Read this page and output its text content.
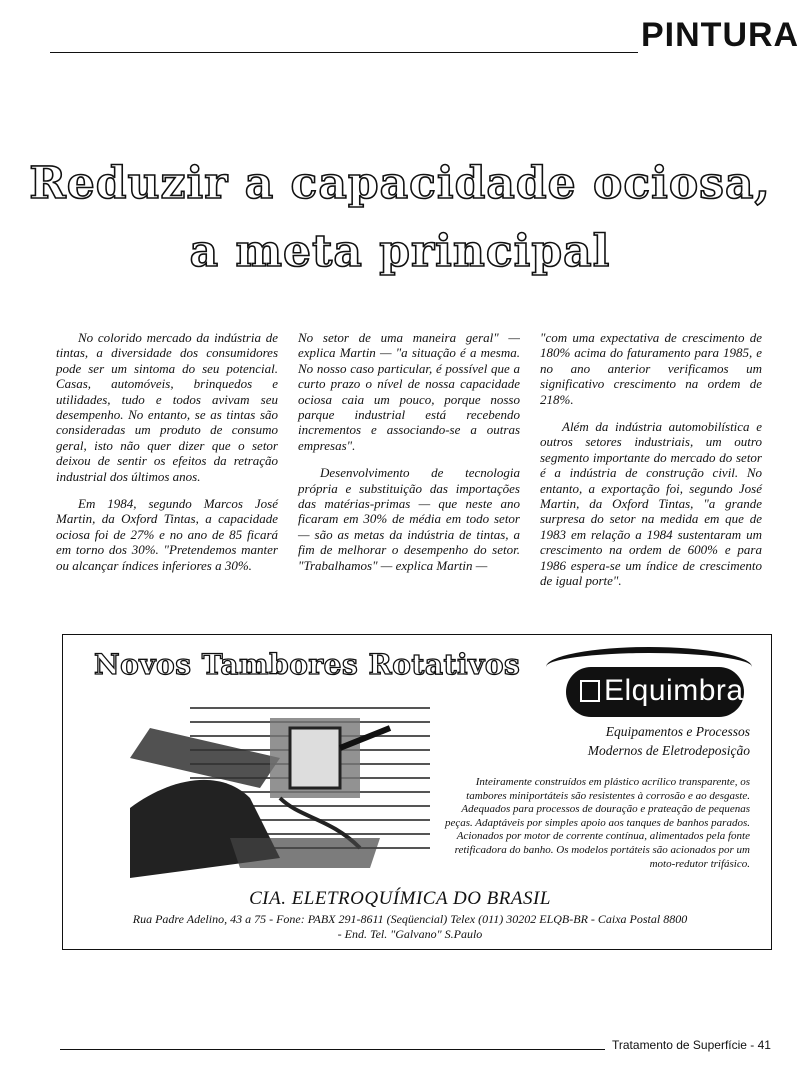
PINTURA
Reduzir a capacidade ociosa,
a meta principal

No colorido mercado da indústria de tintas, a diversidade dos consumidores pode ser um sintoma do seu potencial. Casas, automóveis, brinquedos e utilidades, tudo e todos avivam seu desempenho. No entanto, se as tintas são consideradas um produto de consumo geral, isto não quer dizer que o setor deixou de sentir os efeitos da retração industrial dos últimos anos.

Em 1984, segundo Marcos José Martin, da Oxford Tintas, a capacidade ociosa foi de 27% e no ano de 85 ficará em torno dos 30%. "Pretendemos manter ou alcançar índices inferiores a 30%.

No setor de uma maneira geral" — explica Martin — "a situação é a mesma. No nosso caso particular, é possível que a curto prazo o nível de nossa capacidade ociosa caia um pouco, porque nosso parque industrial está recebendo incrementos e associando-se a outras empresas".

Desenvolvimento de tecnologia própria e substituição das importações das matérias-primas — que neste ano ficaram em 30% de média em todo setor — são as metas da indústria de tintas, a fim de melhorar o desempenho do setor. "Trabalhamos" — explica Martin —

"com uma expectativa de crescimento de 180% acima do faturamento para 1985, e no ano anterior verificamos um significativo crescimento na ordem de 218%.

Além da indústria automobilística e outros setores industriais, um outro segmento importante do mercado do setor é a indústria de construção civil. No entanto, a exportação foi, segundo José Martin, da Oxford Tintas, "a grande surpresa do setor na medida em que de 1983 em relação a 1984 sustentaram um crescimento na ordem de 600% e para 1986 espera-se um índice de crescimento de igual porte".

Novos Tambores Rotativos
Elquimbra
Equipamentos e Processos
Modernos de Eletrodeposição
Inteiramente construídos em plástico acrílico transparente, os tambores miniportáteis são resistentes à corrosão e ao desgaste. Adequados para processos de douração e prateação de pequenas peças. Adaptáveis por simples apoio aos tanques de banhos parados. Acionados por motor de corrente contínua, alimentados pela fonte retificadora do banho. Os modelos portáteis são acionados por um moto-redutor trifásico.
CIA. ELETROQUÍMICA DO BRASIL
Rua Padre Adelino, 43 a 75 - Fone: PABX 291-8611 (Seqüencial) Telex (011) 30202 ELQB-BR - Caixa Postal 8800
- End. Tel. "Galvano" S.Paulo
Tratamento de Superfície - 41
